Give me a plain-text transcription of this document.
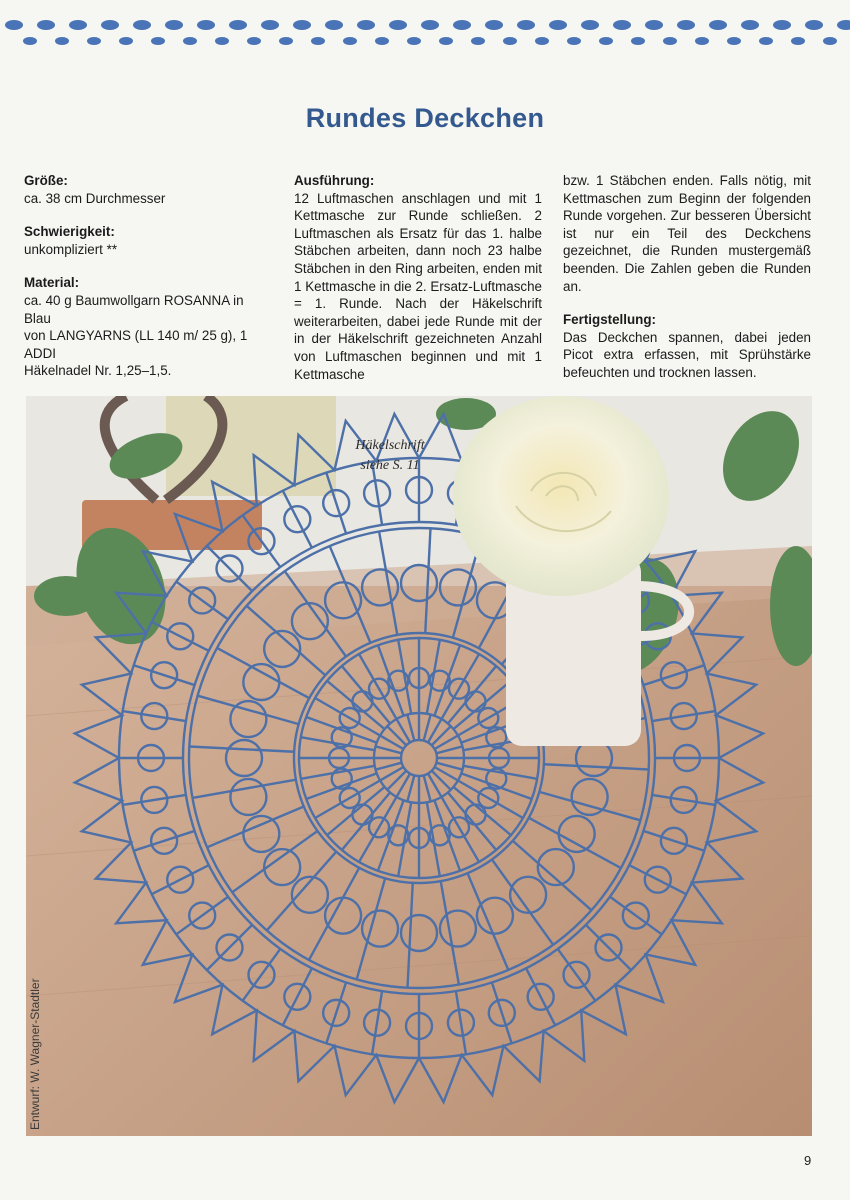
Rundes Deckchen
Größe:

ca. 38 cm Durchmesser

Schwierigkeit:

unkompliziert **

Material:

ca. 40 g Baumwollgarn ROSANNA in Blau

von LANGYARNS (LL 140 m/ 25 g), 1 ADDI

Häkelnadel Nr. 1,25–1,5.

Ausführung:

12 Luftmaschen anschlagen und mit 1 Kettmasche zur Runde schließen. 2 Luftmaschen als Ersatz für das 1. halbe Stäbchen arbeiten, dann noch 23 halbe Stäbchen in den Ring arbeiten, enden mit 1 Kettmasche in die 2. Ersatz-Luftmasche = 1. Runde. Nach der Häkelschrift weiterarbeiten, dabei jede Runde mit der in der Häkelschrift gezeichneten Anzahl von Luftmaschen beginnen und mit 1 Kettmasche

bzw. 1 Stäbchen enden. Falls nötig, mit Kettmaschen zum Beginn der folgenden Runde vorgehen. Zur besseren Übersicht ist nur ein Teil des Deckchens gezeichnet, die Runden mustergemäß beenden. Die Zahlen geben die Runden an.

Fertigstellung:

Das Deckchen spannen, dabei jeden Picot extra erfassen, mit Sprühstärke befeuchten und trocknen lassen.

Häkelschrift
siehe S. 11
Entwurf: W. Wagner-Stadtler
9
